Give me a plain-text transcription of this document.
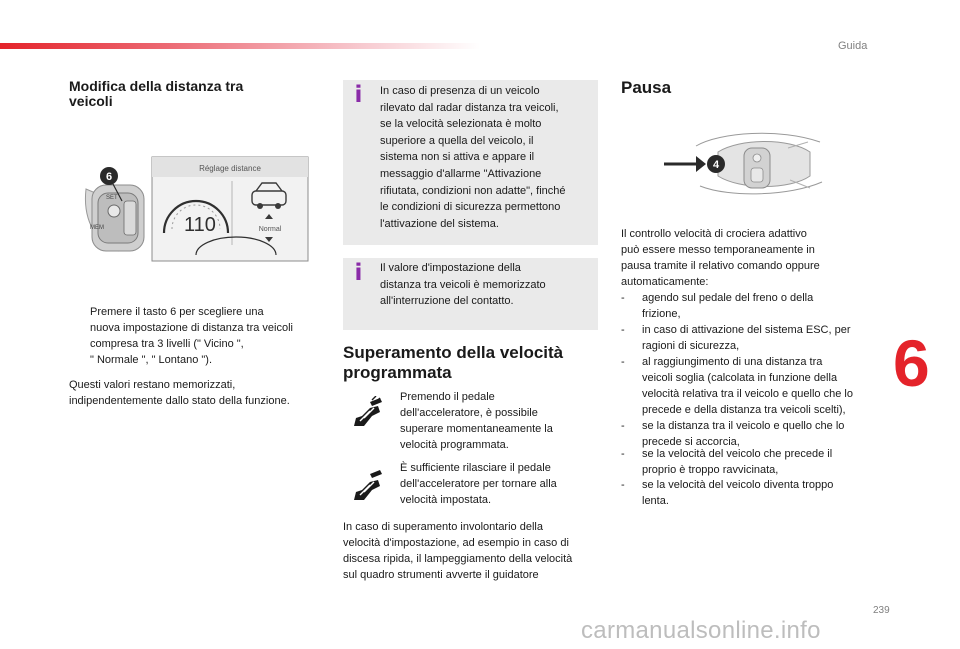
Guida
Modifica della distanza tra
veicoli
SET
MEM
6
Réglage distance
110	Normal
Premere il tasto 6 per scegliere una
nuova impostazione di distanza tra veicoli
compresa tra 3 livelli (" Vicino ",
" Normale ", " Lontano ").
Questi valori restano memorizzati,
indipendentemente dallo stato della funzione.
i In caso di presenza di un veicolo
rilevato dal radar distanza tra veicoli,
se la velocità selezionata è molto
superiore a quella del veicolo, il
sistema non si attiva e appare il
messaggio d'allarme "Attivazione
rifiutata, condizioni non adatte", finché
le condizioni di sicurezza permettono
l'attivazione del sistema.
i Il valore d'impostazione della
distanza tra veicoli è memorizzato
all'interruzione del contatto.
Superamento della velocità
programmata
Premendo il pedale
dell'acceleratore, è possibile
superare momentaneamente la
velocità programmata.
È sufficiente rilasciare il pedale
dell'acceleratore per tornare alla
velocità impostata.
In caso di superamento involontario della
velocità d'impostazione, ad esempio in caso di
discesa ripida, il lampeggiamento della velocità
sul quadro strumenti avverte il guidatore
Pausa
4
Il controllo velocità di crociera adattivo
può essere messo temporaneamente in
pausa tramite il relativo comando oppure
automaticamente:
- agendo sul pedale del freno o della
frizione,
- in caso di attivazione del sistema ESC, per
ragioni di sicurezza,
- al raggiungimento di una distanza tra
veicoli soglia (calcolata in funzione della
velocità relativa tra il veicolo e quello che lo
precede e della distanza tra veicoli scelti),
- se la distanza tra il veicolo e quello che lo
precede si accorcia,
- se la velocità del veicolo che precede il
proprio è troppo ravvicinata,
- se la velocità del veicolo diventa troppo
lenta.
6
239
carmanualsonline.info
